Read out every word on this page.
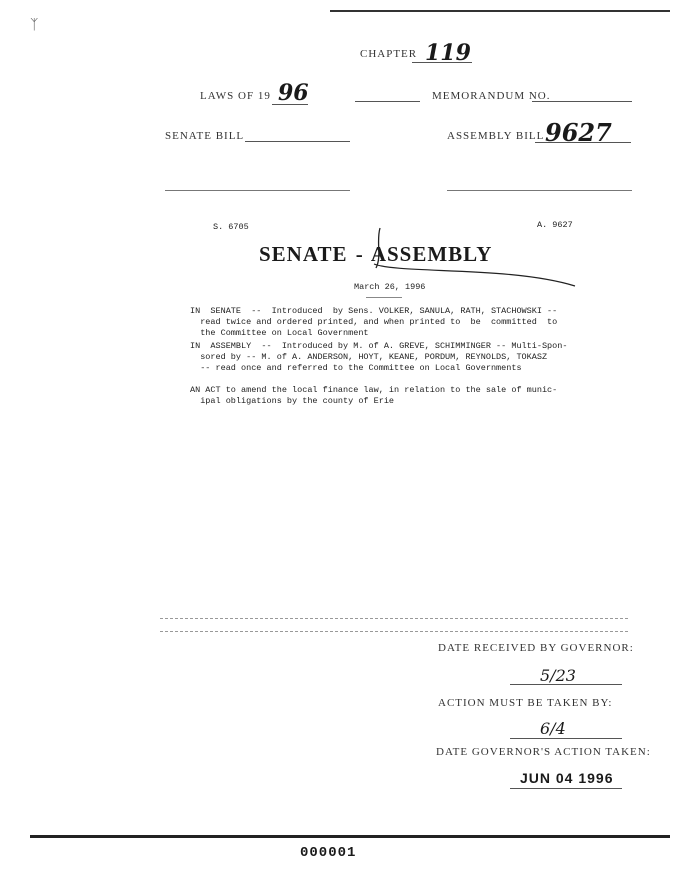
ᛉ
CHAPTER 119
LAWS OF 19 96	MEMORANDUM NO.
SENATE BILL	ASSEMBLY BILL 9627
S. 6705	A. 9627
SENATE - ASSEMBLY
March 26, 1996
IN  SENATE  --  Introduced  by Sens. VOLKER, SANULA, RATH, STACHOWSKI --
read twice and ordered printed, and when printed to  be  committed  to
the Committee on Local Government
IN  ASSEMBLY  --  Introduced by M. of A. GREVE, SCHIMMINGER -- Multi-Spon-
sored by -- M. of A. ANDERSON, HOYT, KEANE, PORDUM, REYNOLDS, TOKASZ
-- read once and referred to the Committee on Local Governments
AN ACT to amend the local finance law, in relation to the sale of munic-
ipal obligations by the county of Erie
DATE RECEIVED BY GOVERNOR:
5/23
ACTION MUST BE TAKEN BY:
6/4
DATE GOVERNOR'S ACTION TAKEN:
JUN 04 1996
000001
